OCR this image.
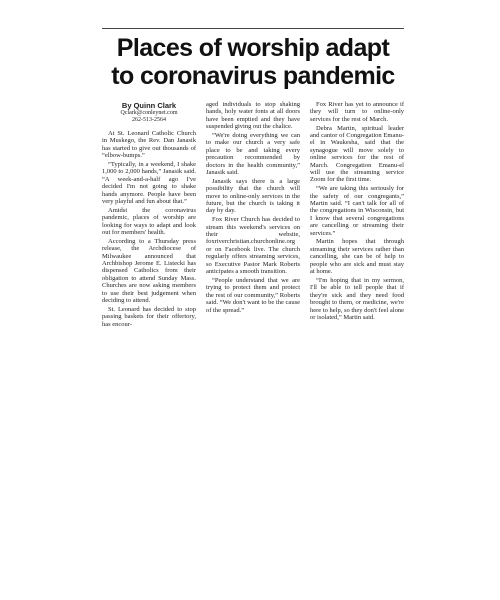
Places of worship adapt
to coronavirus pandemic
By Quinn Clark
Qclark@conleynet.com
262-513-2564

At St. Leonard Catholic Church in Muskego, the Rev. Dan Janasik has started to give out thousands of “elbow-bumps.”

“Typically, in a weekend, I shake 1,000 to 2,000 hands,” Janasik said. “A week-and-a-half ago I've decided I'm not going to shake hands anymore. People have been very playful and fun about that.”

Amidst the coronavirus pandemic, places of worship are looking for ways to adapt and look out for members' health.

According to a Thursday press release, the Archdiocese of Milwaukee announced that Archbishop Jerome E. Listecki has dispensed Catholics from their obligation to attend Sunday Mass. Churches are now asking members to use their best judgement when deciding to attend.

St. Leonard has decided to stop passing baskets for their offertory, has encour-

aged individuals to stop shaking hands, holy water fonts at all doors have been emptied and they have suspended giving out the chalice.

“We're doing everything we can to make our church a very safe place to be and taking every precaution recommended by doctors in the health community,” Janasik said.

Janasik says there is a large possibility that the church will move to online-only services in the future, but the church is taking it day by day.

Fox River Church has decided to stream this weekend's services on their website, foxriverchristian.churchonline.org or on Facebook live. The church regularly offers streaming services, so Executive Pastor Mark Roberts anticipates a smooth transition.

“People understand that we are trying to protect them and protect the rest of our community,” Roberts said. “We don't want to be the cause of the spread.”

Fox River has yet to announce if they will turn to online-only services for the rest of March.

Debra Martin, spiritual leader and cantor of Congregation Emanu-el in Waukesha, said that the synagogue will move solely to online services for the rest of March. Congregation Emanu-el will use the streaming service Zoom for the first time.

“We are taking this seriously for the safety of our congregants,” Martin said. “I can't talk for all of the congregations in Wisconsin, but I know that several congregations are cancelling or streaming their services.”

Martin hopes that through streaming their services rather than cancelling, she can be of help to people who are sick and must stay at home.

“I'm hoping that in my sermon, I'll be able to tell people that if they're sick and they need food brought to them, or medicine, we're here to help, so they don't feel alone or isolated,” Martin said.
